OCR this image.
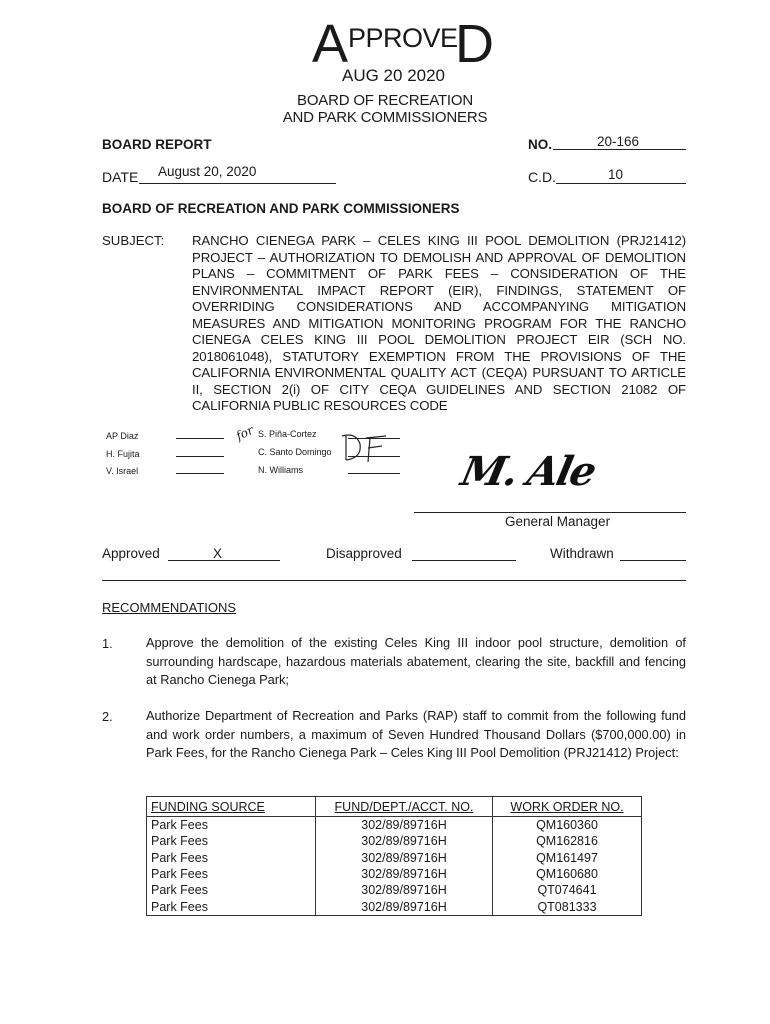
A PPROVE
D
AUG 20 2020
BOARD OF RECREATION
AND PARK COMMISSIONERS
BOARD REPORT	NO.	20-166
DATE August 20, 2020	C.D.	10
BOARD OF RECREATION AND PARK COMMISSIONERS
SUBJECT: RANCHO CIENEGA PARK – CELES KING III POOL DEMOLITION (PRJ21412) PROJECT – AUTHORIZATION TO DEMOLISH AND APPROVAL OF DEMOLITION PLANS – COMMITMENT OF PARK FEES – CONSIDERATION OF THE ENVIRONMENTAL IMPACT REPORT (EIR), FINDINGS, STATEMENT OF OVERRIDING CONSIDERATIONS AND ACCOMPANYING MITIGATION MEASURES AND MITIGATION MONITORING PROGRAM FOR THE RANCHO CIENEGA CELES KING III POOL DEMOLITION PROJECT EIR (SCH NO. 2018061048), STATUTORY EXEMPTION FROM THE PROVISIONS OF THE CALIFORNIA ENVIRONMENTAL QUALITY ACT (CEQA) PURSUANT TO ARTICLE II, SECTION 2(i) OF CITY CEQA GUIDELINES AND SECTION 21082 OF CALIFORNIA PUBLIC RESOURCES CODE
AP Diaz
H. Fujita
V. Israel
S. Piña-Cortez
C. Santo Domingo
N. Williams
for
M. Ale
General Manager
Approved	X	Disapproved	Withdrawn
RECOMMENDATIONS
1.	Approve the demolition of the existing Celes King III indoor pool structure, demolition of surrounding hardscape, hazardous materials abatement, clearing the site, backfill and fencing at Rancho Cienega Park;
2.	Authorize Department of Recreation and Parks (RAP) staff to commit from the following fund and work order numbers, a maximum of Seven Hundred Thousand Dollars ($700,000.00) in Park Fees, for the Rancho Cienega Park – Celes King III Pool Demolition (PRJ21412) Project:
FUNDING SOURCE	FUND/DEPT./ACCT. NO.	WORK ORDER NO.
Park Fees	302/89/89716H	QM160360
Park Fees	302/89/89716H	QM162816
Park Fees	302/89/89716H	QM161497
Park Fees	302/89/89716H	QM160680
Park Fees	302/89/89716H	QT074641
Park Fees	302/89/89716H	QT081333
